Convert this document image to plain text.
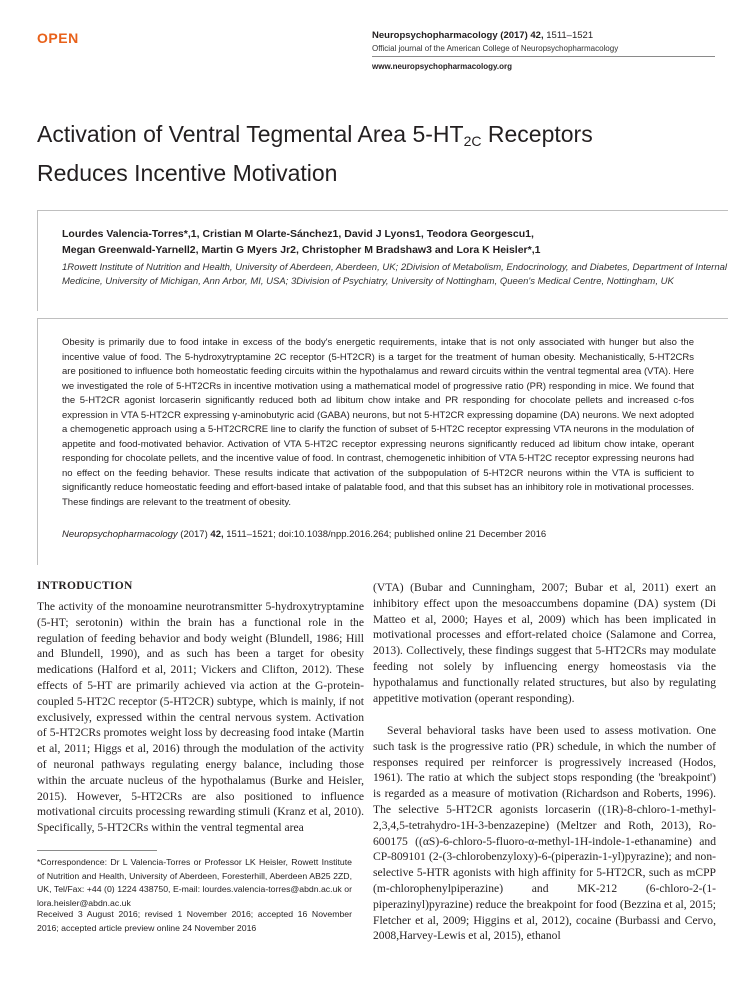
OPEN	Neuropsychopharmacology (2017) 42, 1511–1521
Official journal of the American College of Neuropsychopharmacology
www.neuropsychopharmacology.org
Activation of Ventral Tegmental Area $5-HT_{2C}$ Receptors
Reduces Incentive Motivation
Lourdes Valencia-Torres*,1, Cristian M Olarte-Sánchez1, David J Lyons1, Teodora Georgescu1,
Megan Greenwald-Yarnell2, Martin G Myers Jr2, Christopher M Bradshaw3 and Lora K Heisler*,1
1Rowett Institute of Nutrition and Health, University of Aberdeen, Aberdeen, UK; 2Division of Metabolism, Endocrinology, and Diabetes, Department of Internal Medicine, University of Michigan, Ann Arbor, MI, USA; 3Division of Psychiatry, University of Nottingham, Queen's Medical Centre, Nottingham, UK
Obesity is primarily due to food intake in excess of the body's energetic requirements, intake that is not only associated with hunger but also the incentive value of food. The 5-hydroxytryptamine 2C receptor (5-HT2CR) is a target for the treatment of human obesity. Mechanistically, 5-HT2CRs are positioned to influence both homeostatic feeding circuits within the hypothalamus and reward circuits within the ventral tegmental area (VTA). Here we investigated the role of 5-HT2CRs in incentive motivation using a mathematical model of progressive ratio (PR) responding in mice. We found that the 5-HT2CR agonist lorcaserin significantly reduced both ad libitum chow intake and PR responding for chocolate pellets and increased c-fos expression in VTA 5-HT2CR expressing γ-aminobutyric acid (GABA) neurons, but not 5-HT2CR expressing dopamine (DA) neurons. We next adopted a chemogenetic approach using a 5-HT2CRCRE line to clarify the function of subset of 5-HT2C receptor expressing VTA neurons in the modulation of appetite and food-motivated behavior. Activation of VTA 5-HT2C receptor expressing neurons significantly reduced ad libitum chow intake, operant responding for chocolate pellets, and the incentive value of food. In contrast, chemogenetic inhibition of VTA 5-HT2C receptor expressing neurons had no effect on the feeding behavior. These results indicate that activation of the subpopulation of 5-HT2CR neurons within the VTA is sufficient to significantly reduce homeostatic feeding and effort-based intake of palatable food, and that this subset has an inhibitory role in motivational processes. These findings are relevant to the treatment of obesity.
Neuropsychopharmacology (2017) 42, 1511–1521; doi:10.1038/npp.2016.264; published online 21 December 2016
INTRODUCTION
The activity of the monoamine neurotransmitter 5-hydroxytryptamine (5-HT; serotonin) within the brain has a functional role in the regulation of feeding behavior and body weight (Blundell, 1986; Hill and Blundell, 1990), and as such has been a target for obesity medications (Halford et al, 2011; Vickers and Clifton, 2012). These effects of 5-HT are primarily achieved via action at the G-protein-coupled 5-HT2C receptor (5-HT2CR) subtype, which is mainly, if not exclusively, expressed within the central nervous system. Activation of 5-HT2CRs promotes weight loss by decreasing food intake (Martin et al, 2011; Higgs et al, 2016) through the modulation of the activity of neuronal pathways regulating energy balance, including those within the arcuate nucleus of the hypothalamus (Burke and Heisler, 2015). However, 5-HT2CRs are also positioned to influence motivational circuits processing rewarding stimuli (Kranz et al, 2010). Specifically, 5-HT2CRs within the ventral tegmental area
(VTA) (Bubar and Cunningham, 2007; Bubar et al, 2011) exert an inhibitory effect upon the mesoaccumbens dopamine (DA) system (Di Matteo et al, 2000; Hayes et al, 2009) which has been implicated in motivational processes and effort-related choice (Salamone and Correa, 2013). Collectively, these findings suggest that 5-HT2CRs may modulate feeding not solely by influencing energy homeostasis via the hypothalamus and functionally related structures, but also by regulating appetitive motivation (operant responding).
Several behavioral tasks have been used to assess motivation. One such task is the progressive ratio (PR) schedule, in which the number of responses required per reinforcer is progressively increased (Hodos, 1961). The ratio at which the subject stops responding (the 'breakpoint') is regarded as a measure of motivation (Richardson and Roberts, 1996). The selective 5-HT2CR agonists lorcaserin ((1R)-8-chloro-1-methyl-2,3,4,5-tetrahydro-1H-3-benzazepine) (Meltzer and Roth, 2013), Ro-600175 ((αS)-6-chloro-5-fluoro-α-methyl-1H-indole-1-ethanamine) and CP-809101 (2-(3-chlorobenzyloxy)-6-(piperazin-1-yl)pyrazine); and non-selective 5-HTR agonists with high affinity for 5-HT2CR, such as mCPP (m-chlorophenylpiperazine) and MK-212 (6-chloro-2-(1-piperazinyl)pyrazine) reduce the breakpoint for food (Bezzina et al, 2015; Fletcher et al, 2009; Higgins et al, 2012), cocaine (Burbassi and Cervo, 2008,Harvey-Lewis et al, 2015), ethanol
*Correspondence: Dr L Valencia-Torres or Professor LK Heisler, Rowett Institute of Nutrition and Health, University of Aberdeen, Foresterhill, Aberdeen AB25 2ZD, UK, Tel/Fax: +44 (0) 1224 438750, E-mail: lourdes.valencia-torres@abdn.ac.uk or lora.heisler@abdn.ac.uk
Received 3 August 2016; revised 1 November 2016; accepted 16 November 2016; accepted article preview online 24 November 2016
